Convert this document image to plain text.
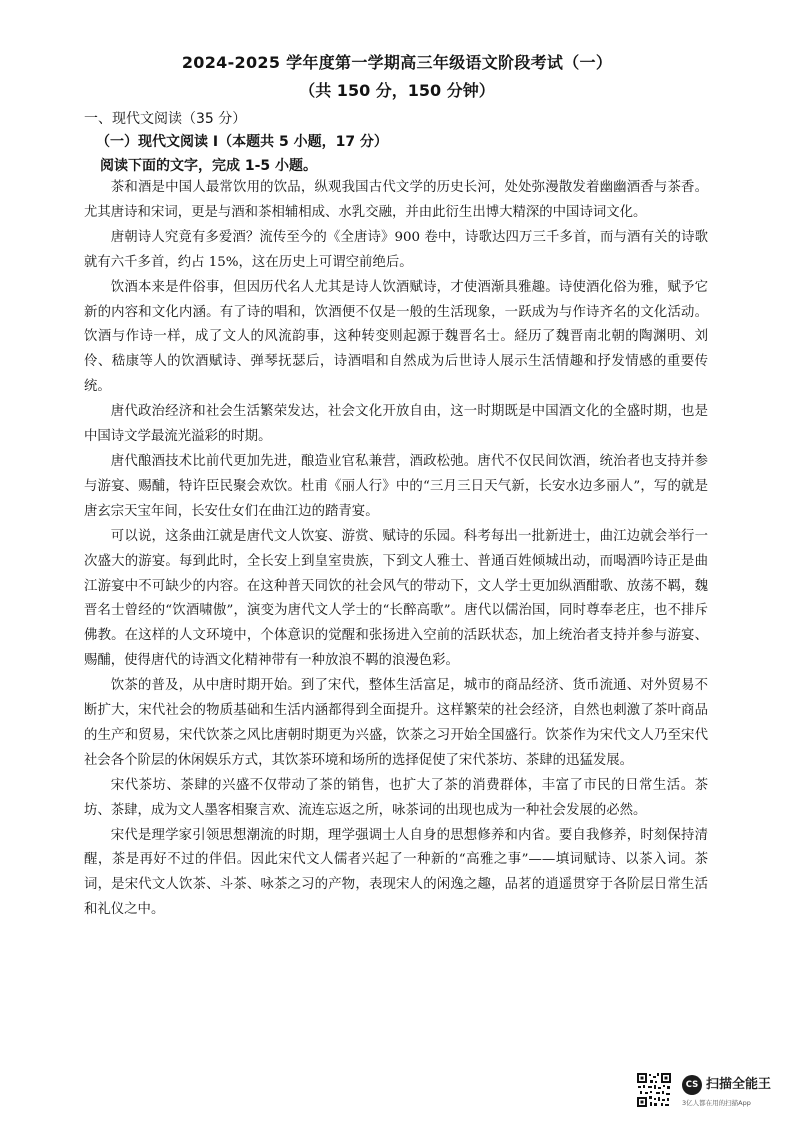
2024-2025 学年度第一学期高三年级语文阶段考试（一）
（共 150 分，150 分钟）
一、现代文阅读（35 分）
（一）现代文阅读 I（本题共 5 小题，17 分）
阅读下面的文字，完成 1-5 小题。

茶和酒是中国人最常饮用的饮品，纵观我国古代文学的历史长河，处处弥漫散发着幽幽酒香与茶香。尤其唐诗和宋词，更是与酒和茶相辅相成、水乳交融，并由此衍生出博大精深的中国诗词文化。

唐朝诗人究竟有多爱酒？流传至今的《全唐诗》900 卷中，诗歌达四万三千多首，而与酒有关的诗歌就有六千多首，约占 15%，这在历史上可谓空前绝后。

饮酒本来是件俗事，但因历代名人尤其是诗人饮酒赋诗，才使酒渐具雅趣。诗使酒化俗为雅，赋予它新的内容和文化内涵。有了诗的唱和，饮酒便不仅是一般的生活现象，一跃成为与作诗齐名的文化活动。饮酒与作诗一样，成了文人的风流韵事，这种转变则起源于魏晋名士。経历了魏晋南北朝的陶渊明、刘伶、嵇康等人的饮酒赋诗、弹琴抚瑟后，诗酒唱和自然成为后世诗人展示生活情趣和抒发情感的重要传统。

唐代政治经济和社会生活繁荣发达，社会文化开放自由，这一时期既是中国酒文化的全盛时期，也是中国诗文学最流光溢彩的时期。

唐代酿酒技术比前代更加先进，酿造业官私兼营，酒政松弛。唐代不仅民间饮酒，统治者也支持并参与游宴、赐酺，特许臣民聚会欢饮。杜甫《丽人行》中的“三月三日天气新，长安水边多丽人”，写的就是唐玄宗天宝年间，长安仕女们在曲江边的踏青宴。

可以说，这条曲江就是唐代文人饮宴、游赏、赋诗的乐园。科考每出一批新进士，曲江边就会举行一次盛大的游宴。每到此时，全长安上到皇室贵族，下到文人雅士、普通百姓倾城出动，而喝酒吟诗正是曲江游宴中不可缺少的内容。在这种普天同饮的社会风气的带动下，文人学士更加纵酒酣歌、放荡不羁，魏晋名士曾经的“饮酒啸傲”，演变为唐代文人学士的“长醉高歌”。唐代以儒治国，同时尊奉老庄，也不排斥佛教。在这样的人文环境中，个体意识的觉醒和张扬进入空前的活跃状态，加上统治者支持并参与游宴、赐酺，使得唐代的诗酒文化精神带有一种放浪不羁的浪漫色彩。

饮茶的普及，从中唐时期开始。到了宋代，整体生活富足，城市的商品经济、货币流通、对外贸易不断扩大，宋代社会的物质基础和生活内涵都得到全面提升。这样繁荣的社会经济，自然也刺激了茶叶商品的生产和贸易，宋代饮茶之风比唐朝时期更为兴盛，饮茶之习开始全国盛行。饮茶作为宋代文人乃至宋代社会各个阶层的休闲娱乐方式，其饮茶环境和场所的选择促使了宋代茶坊、茶肆的迅猛发展。

宋代茶坊、茶肆的兴盛不仅带动了茶的销售，也扩大了茶的消费群体，丰富了市民的日常生活。茶坊、茶肆，成为文人墨客相聚言欢、流连忘返之所，咏茶词的出现也成为一种社会发展的必然。

宋代是理学家引领思想潮流的时期，理学强调士人自身的思想修养和内省。要自我修养，时刻保持清醒，茶是再好不过的伴侣。因此宋代文人儒者兴起了一种新的“高雅之事”——填词赋诗、以茶入词。茶词，是宋代文人饮茶、斗茶、咏茶之习的产物，表现宋人的闲逸之趣，品茗的逍遥贯穿于各阶层日常生活和礼仪之中。

CS 扫描全能王
3亿人都在用的扫描App
